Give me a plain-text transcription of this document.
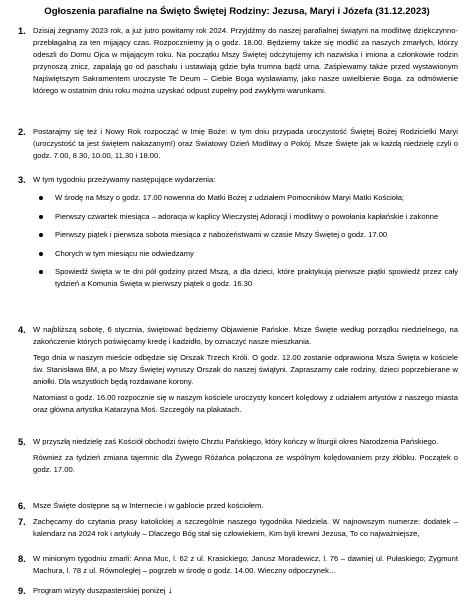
Ogłoszenia parafialne na Święto Świętej Rodziny: Jezusa, Maryi i Józefa (31.12.2023)
1. Dzisiaj żegnamy 2023 rok, a już jutro powitamy rok 2024. Przyjdźmy do naszej parafialnej świątyni na modlitwę dziękczynno-przebłagalną za ten mijający czas. Rozpoczniemy ją o godz. 18.00. Będziemy także się modlić za naszych zmarłych, którzy odeszli do Domu Ojca w mijającym roku. Na początku Mszy Świętej odczytujemy ich nazwiska i imiona a członkowie rodzin przynoszą znicz, zapalają go od paschału i ustawiają gdzie była trumna bądź urna. Zaśpiewamy także przed wystawionym Najświętszym Sakramentem uroczyste Te Deum – Ciebie Boga wysławiamy, jako nasze uwielbienie Boga. za odmówienie którego w ostatnim dniu roku można uzyskać odpust zupełny pod zwykłymi warunkami.

2. Postarajmy się też i Nowy Rok rozpocząć w Imię Boże: w tym dniu przypada uroczystość Świętej Bożej Rodzicielki Maryi (uroczystość ta jest świętem nakazanym!) oraz Światowy Dzień Modlitwy o Pokój. Msze Święte jak w każdą niedzielę czyli o godz. 7.00, 8.30, 10.00, 11.30 i 18.00.

3. W tym tygodniu przeżywamy następujące wydarzenia:

W środę na Mszy o godz. 17.00 nowenna do Matki Bożej z udziałem Pomocników Maryi Matki Kościoła;
Pierwszy czwartek miesiąca – adoracja w kaplicy Wieczystej Adoracji i modlitwy o powołania kapłańskie i zakonne
Pierwszy piątek i pierwsza sobota miesiąca z nabożeństwami w czasie Mszy Świętej o godz. 17.00
Chorych w tym miesiącu nie odwiedzamy
Spowiedź święta w te dni pół godziny przed Mszą, a dla dzieci, które praktykują pierwsze piątki spowiedź przez cały tydzień a Komunia Święta w pierwszy piątek o godz. 16.30
4. W najbliższą sobotę, 6 stycznia, świętować będziemy Objawienie Pańskie. Msze Święte według porządku niedzielnego, na zakończenie których poświęcamy kredę i kadzidło, by oznaczyć nasze mieszkania.

Tego dnia w naszym mieście odbędzie się Orszak Trzech Króli. O godz. 12.00 zostanie odprawiona Msza Święta w kościele św. Stanisława BM, a po Mszy Świętej wyruszy Orszak do naszej świątyni. Zapraszamy całe rodziny, dzieci poprzebierane w aniołki. Dla wszystkich będą rozdawane korony.

Natomiast o godz. 16.00 rozpocznie się w naszym kościele uroczysty koncert kolędowy z udziałem artystów z naszego miasta oraz główna artystka Katarzyna Moś. Szczegóły na plakatach.

5. W przyszłą niedzielę zaś Kościół obchodzi święto Chrztu Pańskiego, który kończy w liturgii okres Narodzenia Pańskiego.

Również za tydzień zmiana tajemnic dla Żywego Różańca połączona ze wspólnym kolędowaniem przy żłóbku. Początek o godz. 17.00.

6. Msze Święte dostępne są w Internecie i w gablocie przed kościołem.

7. Zachęcamy do czytania prasy katolickiej a szczególnie naszego tygodnika Niedziela. W najnowszym numerze: dodatek – kalendarz na 2024 rok i artykuły – Dlaczego Bóg stał się człowiekiem, Kim byli krewni Jezusa, To co najważniejsze,

8. W minionym tygodniu zmarli: Anna Muc, l. 62 z ul. Krasickiego; Janusz Moradewicz, l. 76 – dawniej ul. Pułaskiego; Zygmunt Machura, l. 78 z ul. Równoległej – pogrzeb w środę o godz. 14.00. Wieczny odpoczynek…

9. Program wizyty duszpasterskiej poniżej ↓
